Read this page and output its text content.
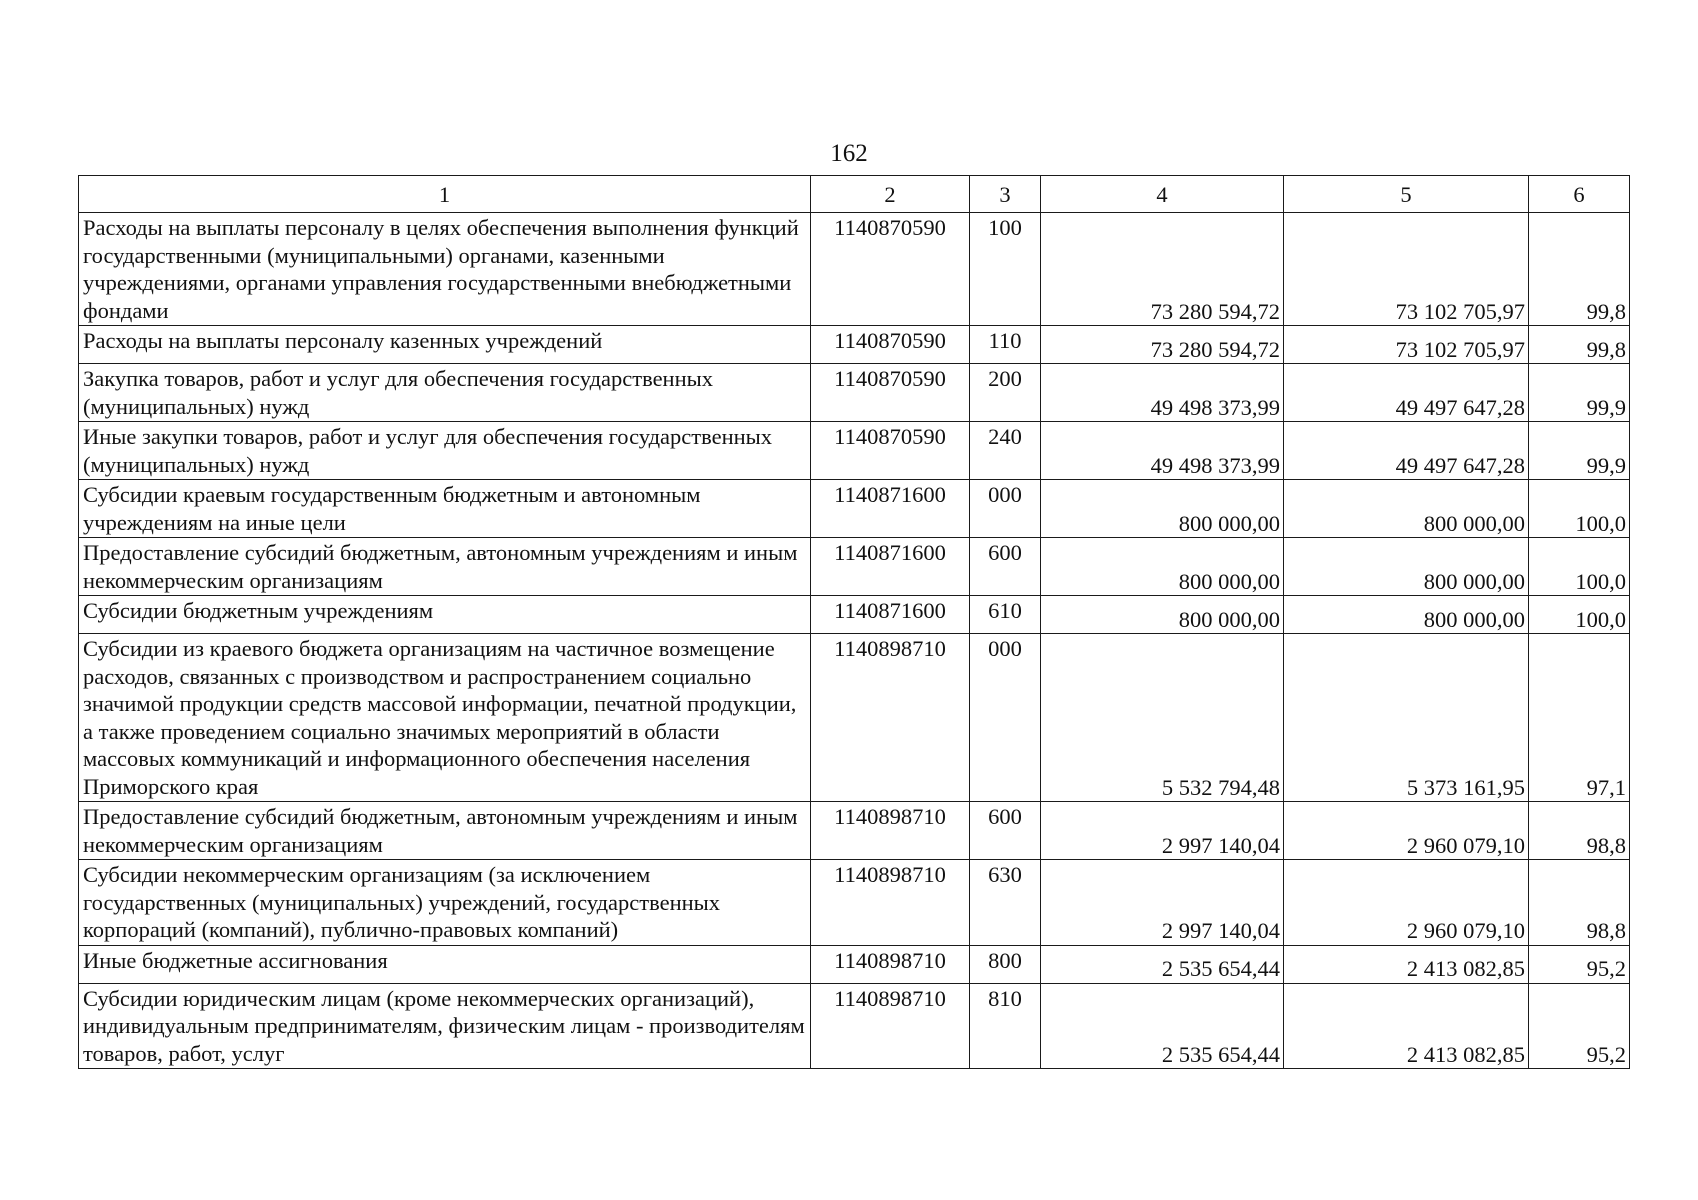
162
1	2	3	4	5	6
Расходы на выплаты персоналу в целях обеспечения выполнения функций государственными (муниципальными) органами, казенными учреждениями, органами управления государственными внебюджетными фондами	1140870590	100	73 280 594,72	73 102 705,97	99,8
Расходы на выплаты персоналу казенных учреждений	1140870590	110	73 280 594,72	73 102 705,97	99,8
Закупка товаров, работ и услуг для обеспечения государственных (муниципальных) нужд	1140870590	200	49 498 373,99	49 497 647,28	99,9
Иные закупки товаров, работ и услуг для обеспечения государственных (муниципальных) нужд	1140870590	240	49 498 373,99	49 497 647,28	99,9
Субсидии краевым государственным бюджетным и автономным учреждениям на иные цели	1140871600	000	800 000,00	800 000,00	100,0
Предоставление субсидий бюджетным, автономным учреждениям и иным некоммерческим организациям	1140871600	600	800 000,00	800 000,00	100,0
Субсидии бюджетным учреждениям	1140871600	610	800 000,00	800 000,00	100,0
Субсидии из краевого бюджета организациям на частичное возмещение расходов, связанных с производством и распространением социально значимой продукции средств массовой информации, печатной продукции, а также проведением социально значимых мероприятий в области массовых коммуникаций и информационного обеспечения населения Приморского края	1140898710	000	5 532 794,48	5 373 161,95	97,1
Предоставление субсидий бюджетным, автономным учреждениям и иным некоммерческим организациям	1140898710	600	2 997 140,04	2 960 079,10	98,8
Субсидии некоммерческим организациям (за исключением государственных (муниципальных) учреждений, государственных корпораций (компаний), публично-правовых компаний)	1140898710	630	2 997 140,04	2 960 079,10	98,8
Иные бюджетные ассигнования	1140898710	800	2 535 654,44	2 413 082,85	95,2
Субсидии юридическим лицам (кроме некоммерческих организаций), индивидуальным предпринимателям, физическим лицам - производителям товаров, работ, услуг	1140898710	810	2 535 654,44	2 413 082,85	95,2
